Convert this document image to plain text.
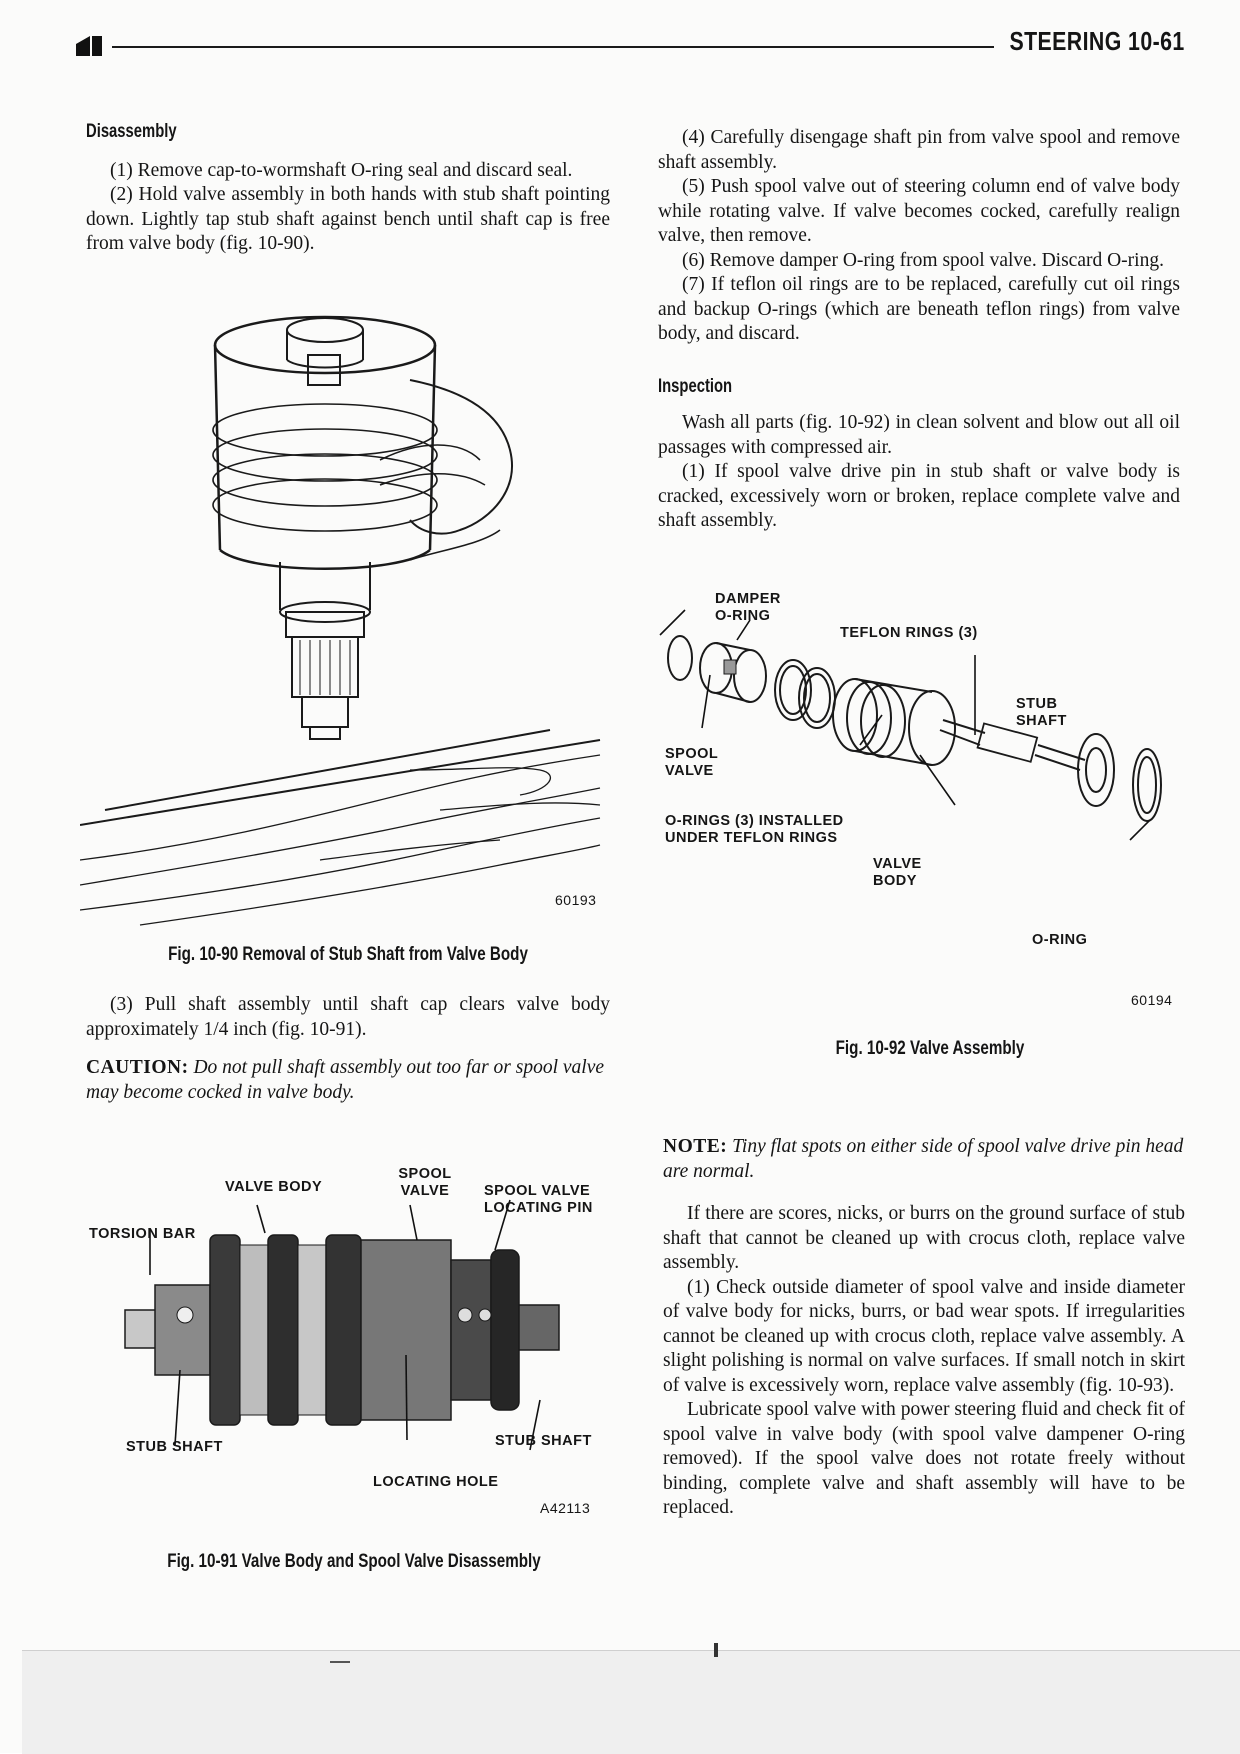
STEERING 10-61
Disassembly

(1) Remove cap-to-wormshaft O-ring seal and discard seal.

(2) Hold valve assembly in both hands with stub shaft pointing down. Lightly tap stub shaft against bench until shaft cap is free from valve body (fig. 10-90).

60193
Fig. 10-90 Removal of Stub Shaft from Valve Body

(3) Pull shaft assembly until shaft cap clears valve body approximately 1/4 inch (fig. 10-91).

CAUTION: Do not pull shaft assembly out too far or spool valve may become cocked in valve body.

TORSION BAR
VALVE BODY
SPOOL VALVE	SPOOL VALVE LOCATING PIN
STUB SHAFT	STUB SHAFT
LOCATING HOLE
A42113
Fig. 10-91 Valve Body and Spool Valve Disassembly

(4) Carefully disengage shaft pin from valve spool and remove shaft assembly.

(5) Push spool valve out of steering column end of valve body while rotating valve. If valve becomes cocked, carefully realign valve, then remove.

(6) Remove damper O-ring from spool valve. Discard O-ring.

(7) If teflon oil rings are to be replaced, carefully cut oil rings and backup O-rings (which are beneath teflon rings) from valve body, and discard.

Inspection

Wash all parts (fig. 10-92) in clean solvent and blow out all oil passages with compressed air.

(1) If spool valve drive pin in stub shaft or valve body is cracked, excessively worn or broken, replace complete valve and shaft assembly.

DAMPER O-RING
TEFLON RINGS (3)
STUB SHAFT
SPOOL VALVE
O-RINGS (3) INSTALLED UNDER TEFLON RINGS
VALVE BODY
O-RING
60194
Fig. 10-92 Valve Assembly

NOTE: Tiny flat spots on either side of spool valve drive pin head are normal.

If there are scores, nicks, or burrs on the ground surface of stub shaft that cannot be cleaned up with crocus cloth, replace valve assembly.

(1) Check outside diameter of spool valve and inside diameter of valve body for nicks, burrs, or bad wear spots. If irregularities cannot be cleaned up with crocus cloth, replace valve assembly. A slight polishing is normal on valve surfaces. If small notch in skirt of valve is excessively worn, replace valve assembly (fig. 10-93).

Lubricate spool valve with power steering fluid and check fit of spool valve in valve body (with spool valve dampener O-ring removed). If the spool valve does not rotate freely without binding, complete valve and shaft assembly will have to be replaced.
